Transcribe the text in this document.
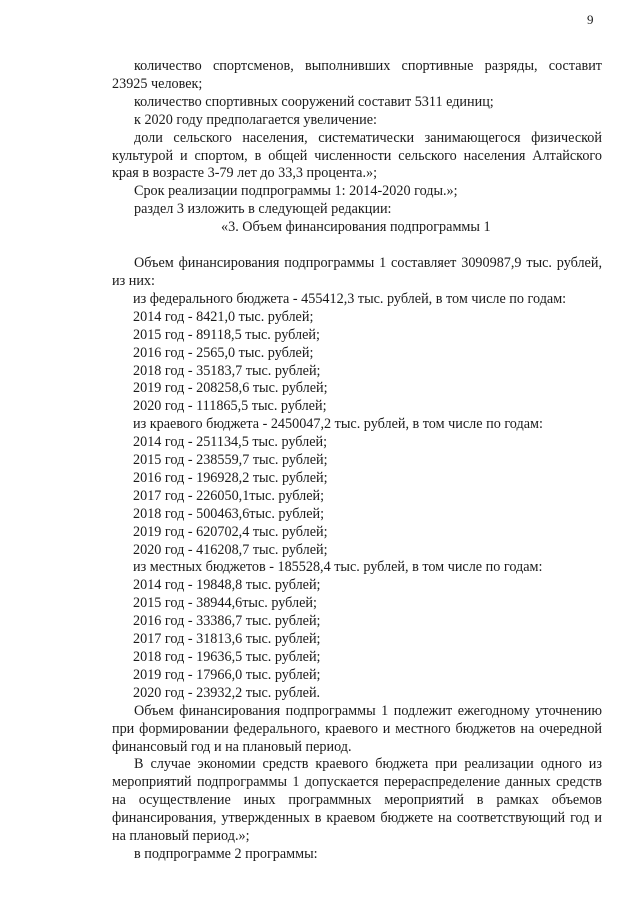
9

количество спортсменов, выполнивших спортивные разряды, составит 23925 человек;

количество спортивных сооружений составит 5311 единиц;

к 2020 году предполагается увеличение:

доли сельского населения, систематически занимающегося физической культурой и спортом, в общей численности сельского населения Алтайского края в возрасте 3-79 лет до 33,3 процента.»;

Срок реализации подпрограммы 1: 2014-2020 годы.»;

раздел 3 изложить в следующей редакции:

«3. Объем финансирования подпрограммы 1

Объем финансирования подпрограммы 1 составляет 3090987,9 тыс. рублей, из них:

из федерального бюджета - 455412,3 тыс. рублей, в том числе по годам:

2014 год - 8421,0 тыс. рублей;

2015 год - 89118,5 тыс. рублей;

2016 год - 2565,0 тыс. рублей;

2018 год - 35183,7 тыс. рублей;

2019 год - 208258,6 тыс. рублей;

2020 год - 111865,5 тыс. рублей;

из краевого бюджета - 2450047,2 тыс. рублей, в том числе по годам:

2014 год - 251134,5 тыс. рублей;

2015 год - 238559,7 тыс. рублей;

2016 год - 196928,2 тыс. рублей;

2017 год - 226050,1тыс. рублей;

2018 год - 500463,6тыс. рублей;

2019 год - 620702,4 тыс. рублей;

2020 год - 416208,7 тыс. рублей;

из местных бюджетов - 185528,4 тыс. рублей, в том числе по годам:

2014 год - 19848,8 тыс. рублей;

2015 год - 38944,6тыс. рублей;

2016 год - 33386,7 тыс. рублей;

2017 год - 31813,6 тыс. рублей;

2018 год - 19636,5 тыс. рублей;

2019 год - 17966,0 тыс. рублей;

2020 год - 23932,2 тыс. рублей.

Объем финансирования подпрограммы 1 подлежит ежегодному уточнению при формировании федерального, краевого и местного бюджетов на очередной финансовый год и на плановый период.

В случае экономии средств краевого бюджета при реализации одного из мероприятий подпрограммы 1 допускается перераспределение данных средств на осуществление иных программных мероприятий в рамках объемов финансирования, утвержденных в краевом бюджете на соответствующий год и на плановый период.»;

в подпрограмме 2 программы:
